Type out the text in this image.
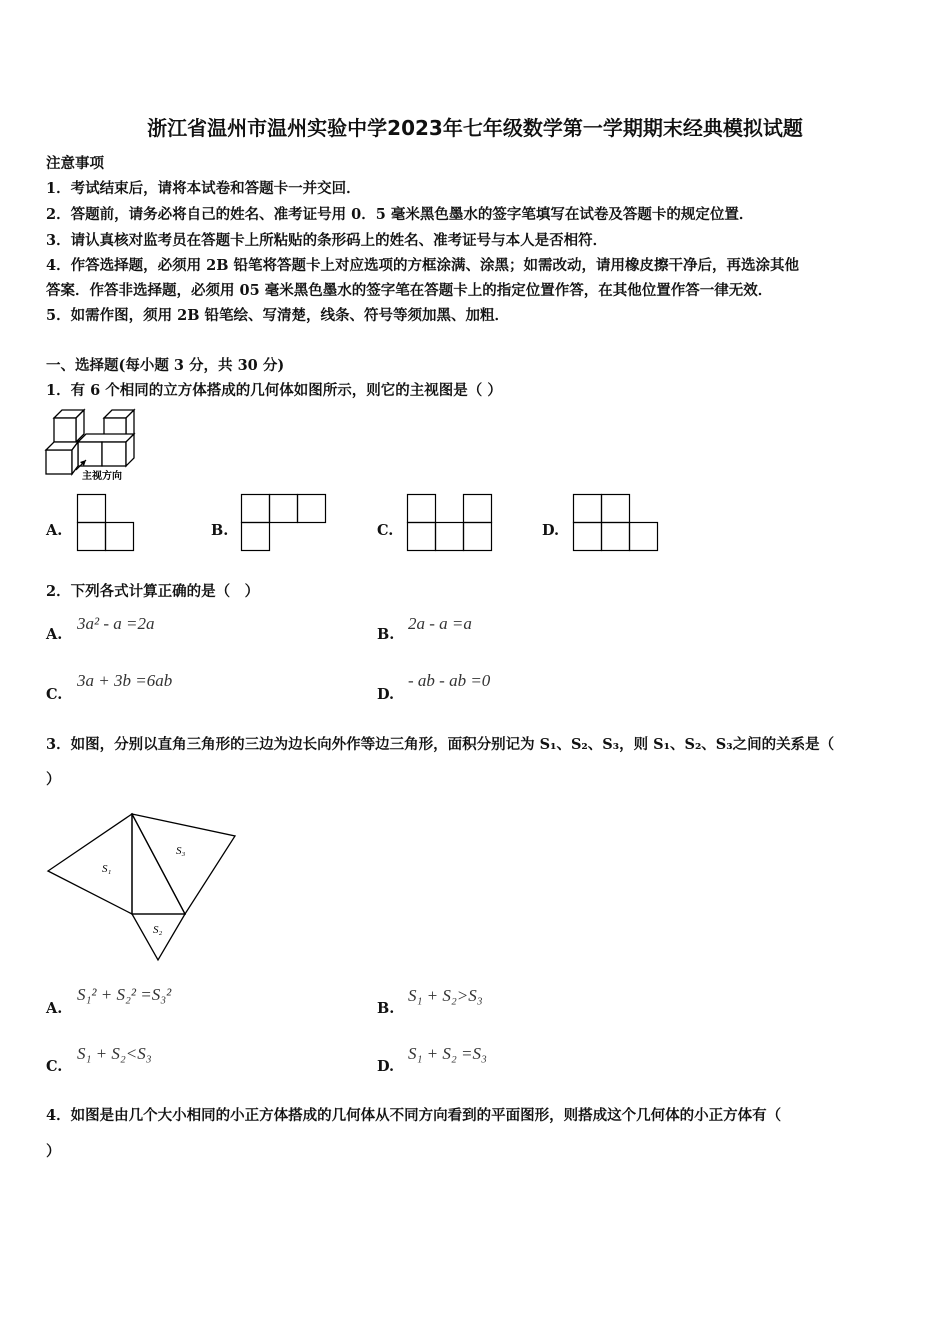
浙江省温州市温州实验中学2023年七年级数学第一学期期末经典模拟试题
注意事项
1．考试结束后，请将本试卷和答题卡一并交回．
2．答题前，请务必将自己的姓名、准考证号用 0．5 毫米黑色墨水的签字笔填写在试卷及答题卡的规定位置．
3．请认真核对监考员在答题卡上所粘贴的条形码上的姓名、准考证号与本人是否相符．
4．作答选择题，必须用 2B 铅笔将答题卡上对应选项的方框涂满、涂黑；如需改动，请用橡皮擦干净后，再选涂其他
答案．作答非选择题，必须用 05 毫米黑色墨水的签字笔在答题卡上的指定位置作答，在其他位置作答一律无效．
5．如需作图，须用 2B 铅笔绘、写清楚，线条、符号等须加黑、加粗．
一、选择题(每小题 3 分，共 30 分)
1．有 6 个相同的立方体搭成的几何体如图所示，则它的主视图是（ ）
主视方向
A.	B.	C.	D.
2．下列各式计算正确的是（　）
A.
3a² - a =2a
B.
2a - a =a
C.
3a + 3b =6ab
D.
- ab - ab =0
3．如图，分别以直角三角形的三边为边长向外作等边三角形，面积分别记为 S₁、S₂、S₃，则 S₁、S₂、S₃之间的关系是（
）
S₁
S₂
S₃
A.
S₁² + S₂² =S₃²
B.
S₁ + S₂>S₃
C.
S₁ + S₂<S₃
D.
S₁ + S₂ =S₃
4．如图是由几个大小相同的小正方体搭成的几何体从不同方向看到的平面图形，则搭成这个几何体的小正方体有（
）
